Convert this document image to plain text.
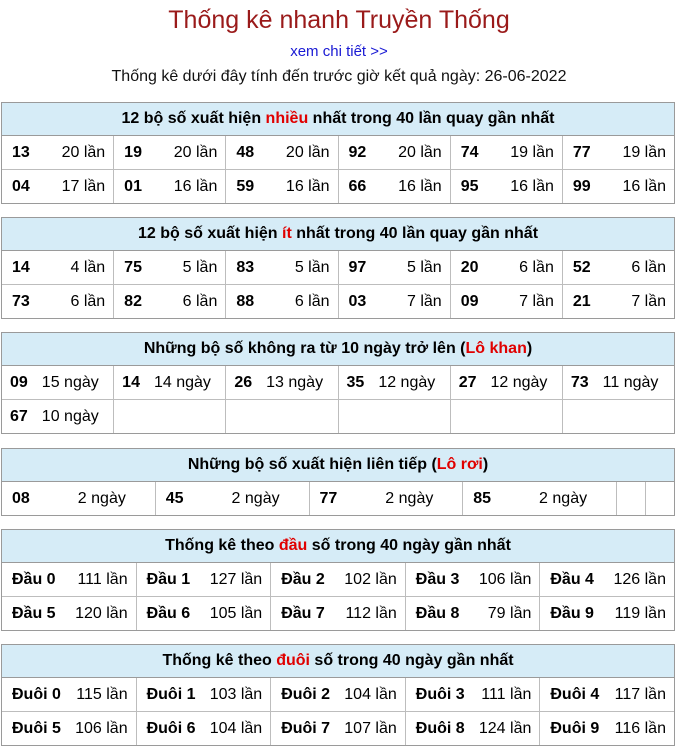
Thống kê nhanh Truyền Thống
xem chi tiết >>
Thống kê dưới đây tính đến trước giờ kết quả ngày: 26-06-2022
12 bộ số xuất hiện nhiều nhất trong 40 lần quay gần nhất
13 20 lần 19 20 lần 48 20 lần 92 20 lần 74 19 lần 77 19 lần
04 17 lần 01 16 lần 59 16 lần 66 16 lần 95 16 lần 99 16 lần
12 bộ số xuất hiện ít nhất trong 40 lần quay gần nhất
14	4 lần 75	5 lần 83	5 lần 97	5 lần 20	6 lần 52	6 lần
73	6 lần 82	6 lần 88	6 lần 03	7 lần 09	7 lần 21	7 lần
Những bộ số không ra từ 10 ngày trở lên (Lô khan)
09 15 ngày 14 14 ngày 26 13 ngày 35 12 ngày 27 12 ngày 73 11 ngày
67 10 ngày
Những bộ số xuất hiện liên tiếp (Lô rơi)
08	2 ngày 45	2 ngày 77	2 ngày 85	2 ngày
Thống kê theo đầu số trong 40 ngày gần nhất
Đầu 0 111 lần Đầu 1 127 lần Đầu 2 102 lần Đầu 3 106 lần Đầu 4 126 lần
Đầu 5 120 lần Đầu 6 105 lần Đầu 7 112 lần Đầu 8 79 lần Đầu 9 119 lần
Thống kê theo đuôi số trong 40 ngày gần nhất
Đuôi 0 115 lần Đuôi 1 103 lần Đuôi 2 104 lần Đuôi 3 111 lần Đuôi 4 117 lần
Đuôi 5 106 lần Đuôi 6 104 lần Đuôi 7 107 lần Đuôi 8 124 lần Đuôi 9 116 lần
